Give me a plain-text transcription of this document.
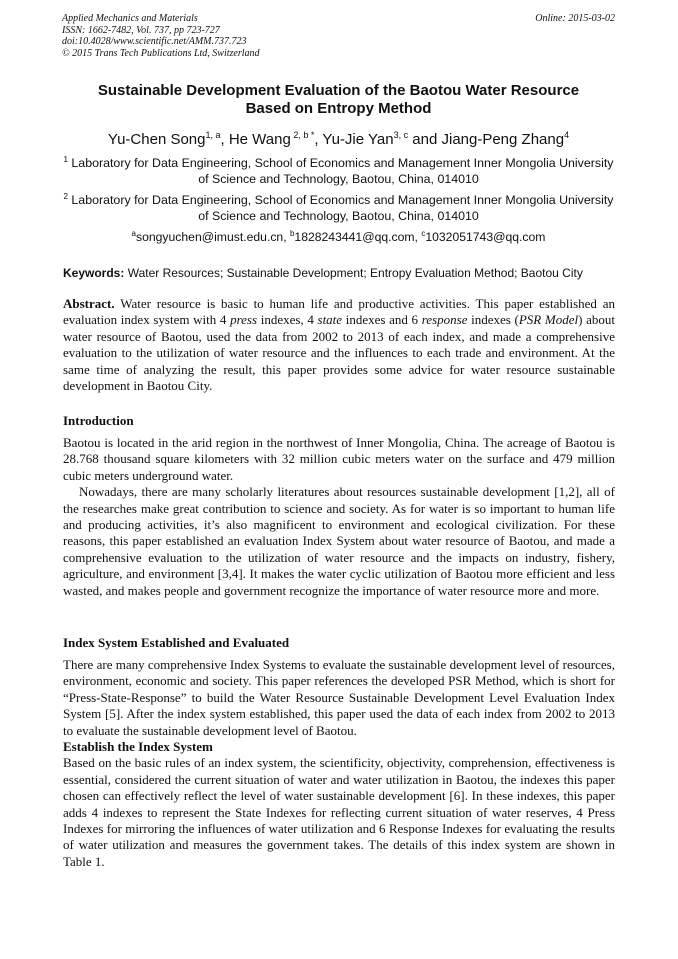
Applied Mechanics and Materials
ISSN: 1662-7482, Vol. 737, pp 723-727
doi:10.4028/www.scientific.net/AMM.737.723
© 2015 Trans Tech Publications Ltd, Switzerland
Online: 2015-03-02
Sustainable Development Evaluation of the Baotou Water Resource
Based on Entropy Method
Yu-Chen Song$^{1, a}$, He Wang $^{2, b *}$, Yu-Jie Yan$^{3, c}$ and Jiang-Peng Zhang$^4$
$^1$ Laboratory for Data Engineering, School of Economics and Management Inner Mongolia University
of Science and Technology, Baotou, China, 014010
$^2$ Laboratory for Data Engineering, School of Economics and Management Inner Mongolia University
of Science and Technology, Baotou, China, 014010
$^a$songyuchen@imust.edu.cn, $^b$1828243441@qq.com, $^c$1032051743@qq.com
Keywords: Water Resources; Sustainable Development; Entropy Evaluation Method; Baotou City
Abstract. Water resource is basic to human life and productive activities. This paper established an evaluation index system with 4 press indexes, 4 state indexes and 6 response indexes (PSR Model) about water resource of Baotou, used the data from 2002 to 2013 of each index, and made a comprehensive evaluation to the utilization of water resource and the influences to each trade and environment. At the same time of analyzing the result, this paper provides some advice for water resource sustainable development in Baotou City.
Introduction

Baotou is located in the arid region in the northwest of Inner Mongolia, China. The acreage of Baotou is 28.768 thousand square kilometers with 32 million cubic meters water on the surface and 479 million cubic meters underground water.

Nowadays, there are many scholarly literatures about resources sustainable development [1,2], all of the researches make great contribution to science and society. As for water is so important to human life and producing activities, it’s also magnificent to environment and ecological civilization. For these reasons, this paper established an evaluation Index System about water resource of Baotou, and made a comprehensive evaluation to the utilization of water resource and the impacts on industry, fishery, agriculture, and environment [3,4]. It makes the water cyclic utilization of Baotou more efficient and less wasted, and makes people and government recognize the importance of water resource more and more.

Index System Established and Evaluated

There are many comprehensive Index Systems to evaluate the sustainable development level of resources, environment, economic and society. This paper references the developed PSR Method, which is short for “Press-State-Response” to build the Water Resource Sustainable Development Level Evaluation Index System [5]. After the index system established, this paper used the data of each index from 2002 to 2013 to evaluate the sustainable development level of Baotou.

Establish the Index System

Based on the basic rules of an index system, the scientificity, objectivity, comprehension, effectiveness is essential, considered the current situation of water and water utilization in Baotou, the indexes this paper chosen can effectively reflect the level of water sustainable development [6]. In these indexes, this paper adds 4 indexes to represent the State Indexes for reflecting current situation of water reserves, 4 Press Indexes for mirroring the influences of water utilization and 6 Response Indexes for evaluating the results of water utilization and measures the government takes. The details of this index system are shown in Table 1.
